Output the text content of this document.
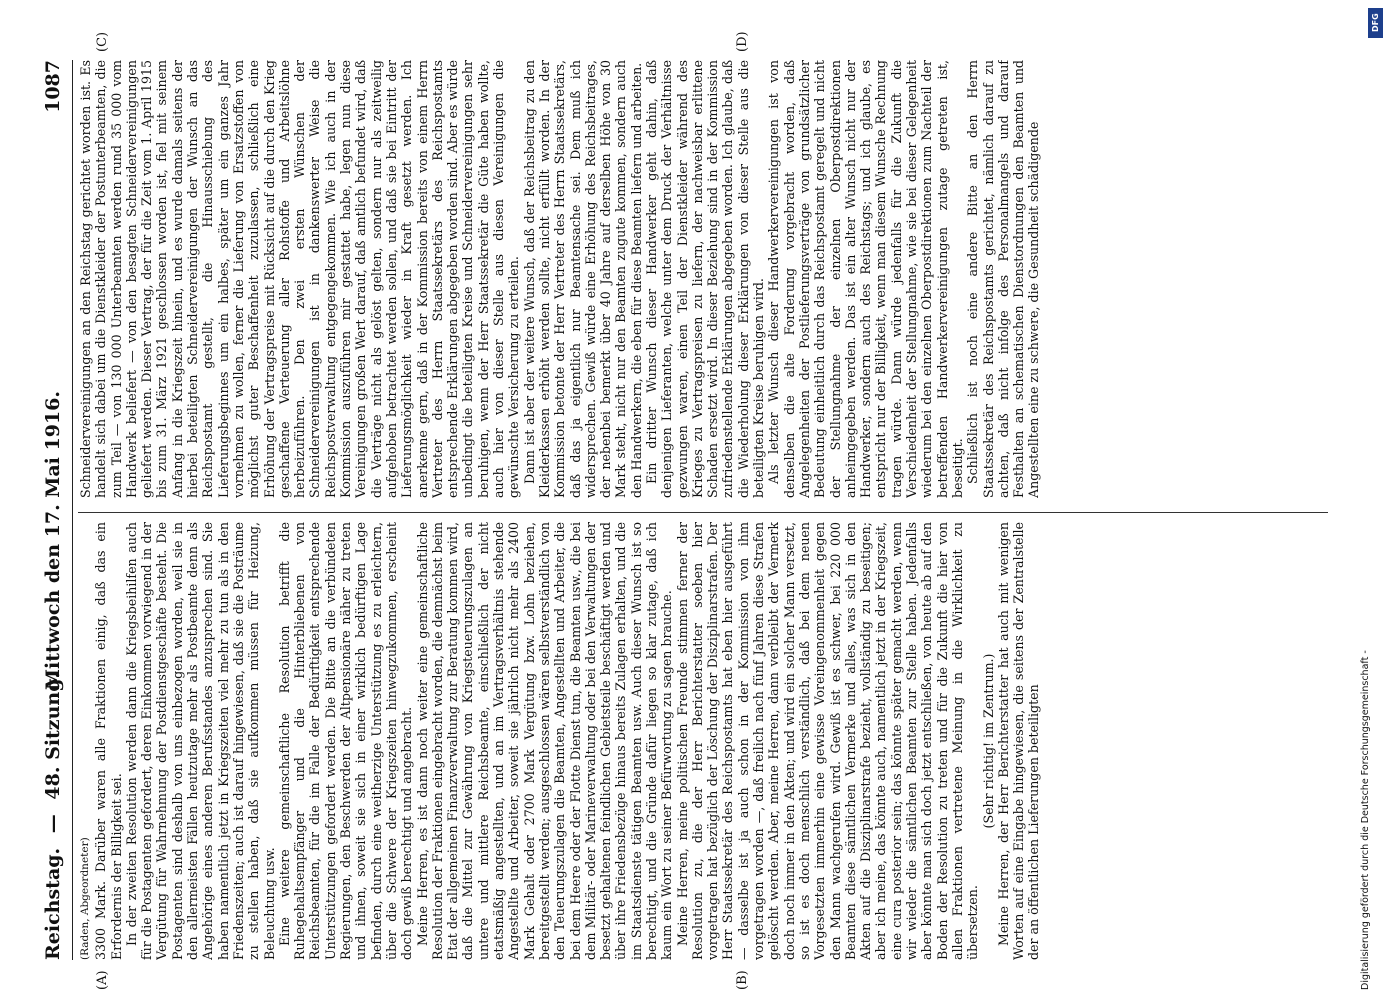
Reichstag. — 48. Sitzung.
Mittwoch den 17. Mai 1916.
1087

(Raden, Abgeordneter) 3300 Mark. Darüber waren alle Fraktionen einig, daß das ein Erfordernis der Billigkeit sei. In der zweiten Resolution werden dann die Kriegsbeihilfen auch für die Postagenten gefordert, deren Einkommen vorwiegend in der Vergütung für Wahrnehmung der Postdienstgeschäfte besteht. Die Postagenten sind deshalb von uns einbezogen worden, weil sie in den allermeisten Fällen heutzutage mehr als Postbeamte denn als Angehörige eines anderen Berufsstandes anzusprechen sind. Sie haben namentlich jetzt in Kriegszeiten viel mehr zu tun als in den Friedenszeiten; auch ist darauf hingewiesen, daß sie die Posträume zu stellen haben, daß sie aufkommen müssen für Heizung, Beleuchtung usw. Eine weitere gemeinschaftliche Resolution betrifft die Ruhegehaltsempfänger und die Hinterbliebenen von Reichsbeamten, für die im Falle der Bedürftigkeit entsprechende Unterstützungen gefordert werden. Die Bitte an die verbündeten Regierungen, den Beschwerden der Altpensionäre näher zu treten und ihnen, soweit sie sich in einer wirklich bedürftigen Lage befinden, durch eine weitherzige Unterstützung es zu erleichtern, über die Schwere der Kriegszeiten hinwegzukommen, erscheint doch gewiß berechtigt und angebracht. Meine Herren, es ist dann noch weiter eine gemeinschaftliche Resolution der Fraktionen eingebracht worden, die demnächst beim Etat der allgemeinen Finanzverwaltung zur Beratung kommen wird, daß die Mittel zur Gewährung von Kriegsteuerungszulagen an untere und mittlere Reichsbeamte, einschließlich der nicht etatsmäßig angestellten, und an im Vertragsverhältnis stehende Angestellte und Arbeiter, soweit sie jährlich nicht mehr als 2400 Mark Gehalt oder 2700 Mark Vergütung bzw. Lohn beziehen, bereitgestellt werden; ausgeschlossen wären selbstverständlich von den Teuerungszulagen die Beamten, Angestellten und Arbeiter, die bei dem Heere oder der Flotte Dienst tun, die Beamten usw., die bei dem Militär- oder Marineverwaltung oder bei den Verwaltungen der besetzt gehaltenen feindlichen Gebietsteile beschäftigt werden und über ihre Friedensbezüge hinaus bereits Zulagen erhalten, und die im Staatsdienste tätigen Beamten usw. Auch dieser Wunsch ist so berechtigt, und die Gründe dafür liegen so klar zutage, daß ich kaum ein Wort zu seiner Befürwortung zu sagen brauche. Meine Herren, meine politischen Freunde stimmen ferner der Resolution zu, die der Herr Berichterstatter soeben hier vorgetragen hat bezüglich der Löschung der Disziplinarstrafen. Der Herr Staatssekretär des Reichspostamts hat eben hier ausgeführt — dasselbe ist ja auch schon in der Kommission von ihm vorgetragen worden —, daß freilich nach fünf Jahren diese Strafen gelöscht werden. Aber, meine Herren, dann verbleibt der Vermerk doch noch immer in den Akten; und wird ein solcher Mann versetzt, so ist es doch menschlich verständlich, daß bei dem neuen Vorgesetzten immerhin eine gewisse Voreingenommenheit gegen den Mann wachgerufen wird. Gewiß ist es schwer, bei 220 000 Beamten diese sämtlichen Vermerke und alles, was sich in den Akten auf die Disziplinarstrafe bezieht, vollständig zu beseitigen; aber ich meine, das könnte auch, namentlich jetzt in der Kriegszeit, eine cura posterior sein; das könnte später gemacht werden, wenn wir wieder die sämtlichen Beamten zur Stelle haben. Jedenfalls aber könnte man sich doch jetzt entschließen, von heute ab auf den Boden der Resolution zu treten und für die Zukunft die hier von allen Fraktionen vertretene Meinung in die Wirklichkeit zu übersetzen.

(Sehr richtig! im Zentrum.) Meine Herren, der Herr Berichterstatter hat auch mit wenigen Worten auf eine Eingabe hingewiesen, die seitens der Zentralstelle der an öffentlichen Lieferungen beteiligten

Schneidervereinigungen an den Reichstag gerichtet worden ist. Es handelt sich dabei um die Dienstkleider der Postunterbeamten, die zum Teil — von 130 000 Unterbeamten werden rund 35 000 vom Handwerk beliefert — von den besagten Schneidervereinigungen geliefert werden. Dieser Vertrag, der für die Zeit vom 1. April 1915 bis zum 31. März 1921 geschlossen worden ist, fiel mit seinem Anfang in die Kriegszeit hinein, und es wurde damals seitens der hierbei beteiligten Schneidervereinigungen der Wunsch an das Reichspostamt gestellt, die Hinausschiebung des Lieferungsbeginnes um ein halbes, später um ein ganzes Jahr vornehmen zu wollen, ferner die Lieferung von Ersatzstoffen von möglichst guter Beschaffenheit zuzulassen, schließlich eine Erhöhung der Vertragspreise mit Rücksicht auf die durch den Krieg geschaffene Verteuerung aller Rohstoffe und Arbeitslöhne herbeizuführen. Den zwei ersten Wünschen der Schneidervereinigungen ist in dankenswerter Weise die Reichspostverwaltung entgegengekommen. Wie ich auch in der Kommission auszuführen mir gestattet habe, legen nun diese Vereinigungen großen Wert darauf, daß amtlich befundet wird, daß die Verträge nicht als gelöst gelten, sondern nur als zeitweilig aufgehoben betrachtet werden sollen, und daß sie bei Eintritt der Lieferungsmöglichkeit wieder in Kraft gesetzt werden. Ich anerkenne gern, daß in der Kommission bereits von einem Herrn Vertreter des Herrn Staatssekretärs des Reichspostamts entsprechende Erklärungen abgegeben worden sind. Aber es würde unbedingt die beteiligten Kreise und Schneidervereinigungen sehr beruhigen, wenn der Herr Staatssekretär die Güte haben wollte, auch hier von dieser Stelle aus diesen Vereinigungen die gewünschte Versicherung zu erteilen. Dann ist aber der weitere Wunsch, daß der Reichsbeitrag zu den Kleiderkassen erhöht werden sollte, nicht erfüllt worden. In der Kommission betonte der Herr Vertreter des Herrn Staatssekretärs, daß das ja eigentlich nur Beamtensache sei. Dem muß ich widersprechen. Gewiß würde eine Erhöhung des Reichsbeitrages, der nebenbei bemerkt über 40 Jahre auf derselben Höhe von 30 Mark steht, nicht nur den Beamten zugute kommen, sondern auch den Handwerkern, die eben für diese Beamten liefern und arbeiten. Ein dritter Wunsch dieser Handwerker geht dahin, daß denjenigen Lieferanten, welche unter dem Druck der Verhältnisse gezwungen waren, einen Teil der Dienstkleider während des Krieges zu Vertragspreisen zu liefern, der nachweisbar erlittene Schaden ersetzt wird. In dieser Beziehung sind in der Kommission zufriedenstellende Erklärungen abgegeben worden. Ich glaube, daß die Wiederholung dieser Erklärungen von dieser Stelle aus die beteiligten Kreise beruhigen wird. Als letzter Wunsch dieser Handwerkervereinigungen ist von denselben die alte Forderung vorgebracht worden, daß Angelegenheiten der Postlieferungsverträge von grundsätzlicher Bedeutung einheitlich durch das Reichspostamt geregelt und nicht der Stellungnahme der einzelnen Oberpostdirektionen anheimgegeben werden. Das ist ein alter Wunsch nicht nur der Handwerker, sondern auch des Reichstags; und ich glaube, es entspricht nur der Billigkeit, wenn man diesem Wunsche Rechnung tragen würde. Dann würde jedenfalls für die Zukunft die Verschiedenheit der Stellungnahme, wie sie bei dieser Gelegenheit wiederum bei den einzelnen Oberpostdirektionen zum Nachteil der betreffenden Handwerkervereinigungen zutage getreten ist, beseitigt. Schließlich ist noch eine andere Bitte an den Herrn Staatssekretär des Reichspostamts gerichtet, nämlich darauf zu achten, daß nicht infolge des Personalmangels und darauf Festhalten an schematischen Dienstordnungen den Beamten und Angestellten eine zu schwere, die Gesundheit schädigende

(A)	(B)
(C)	(D)
Digitalisierung gefördert durch die Deutsche Forschungsgemeinschaft -
DFG
